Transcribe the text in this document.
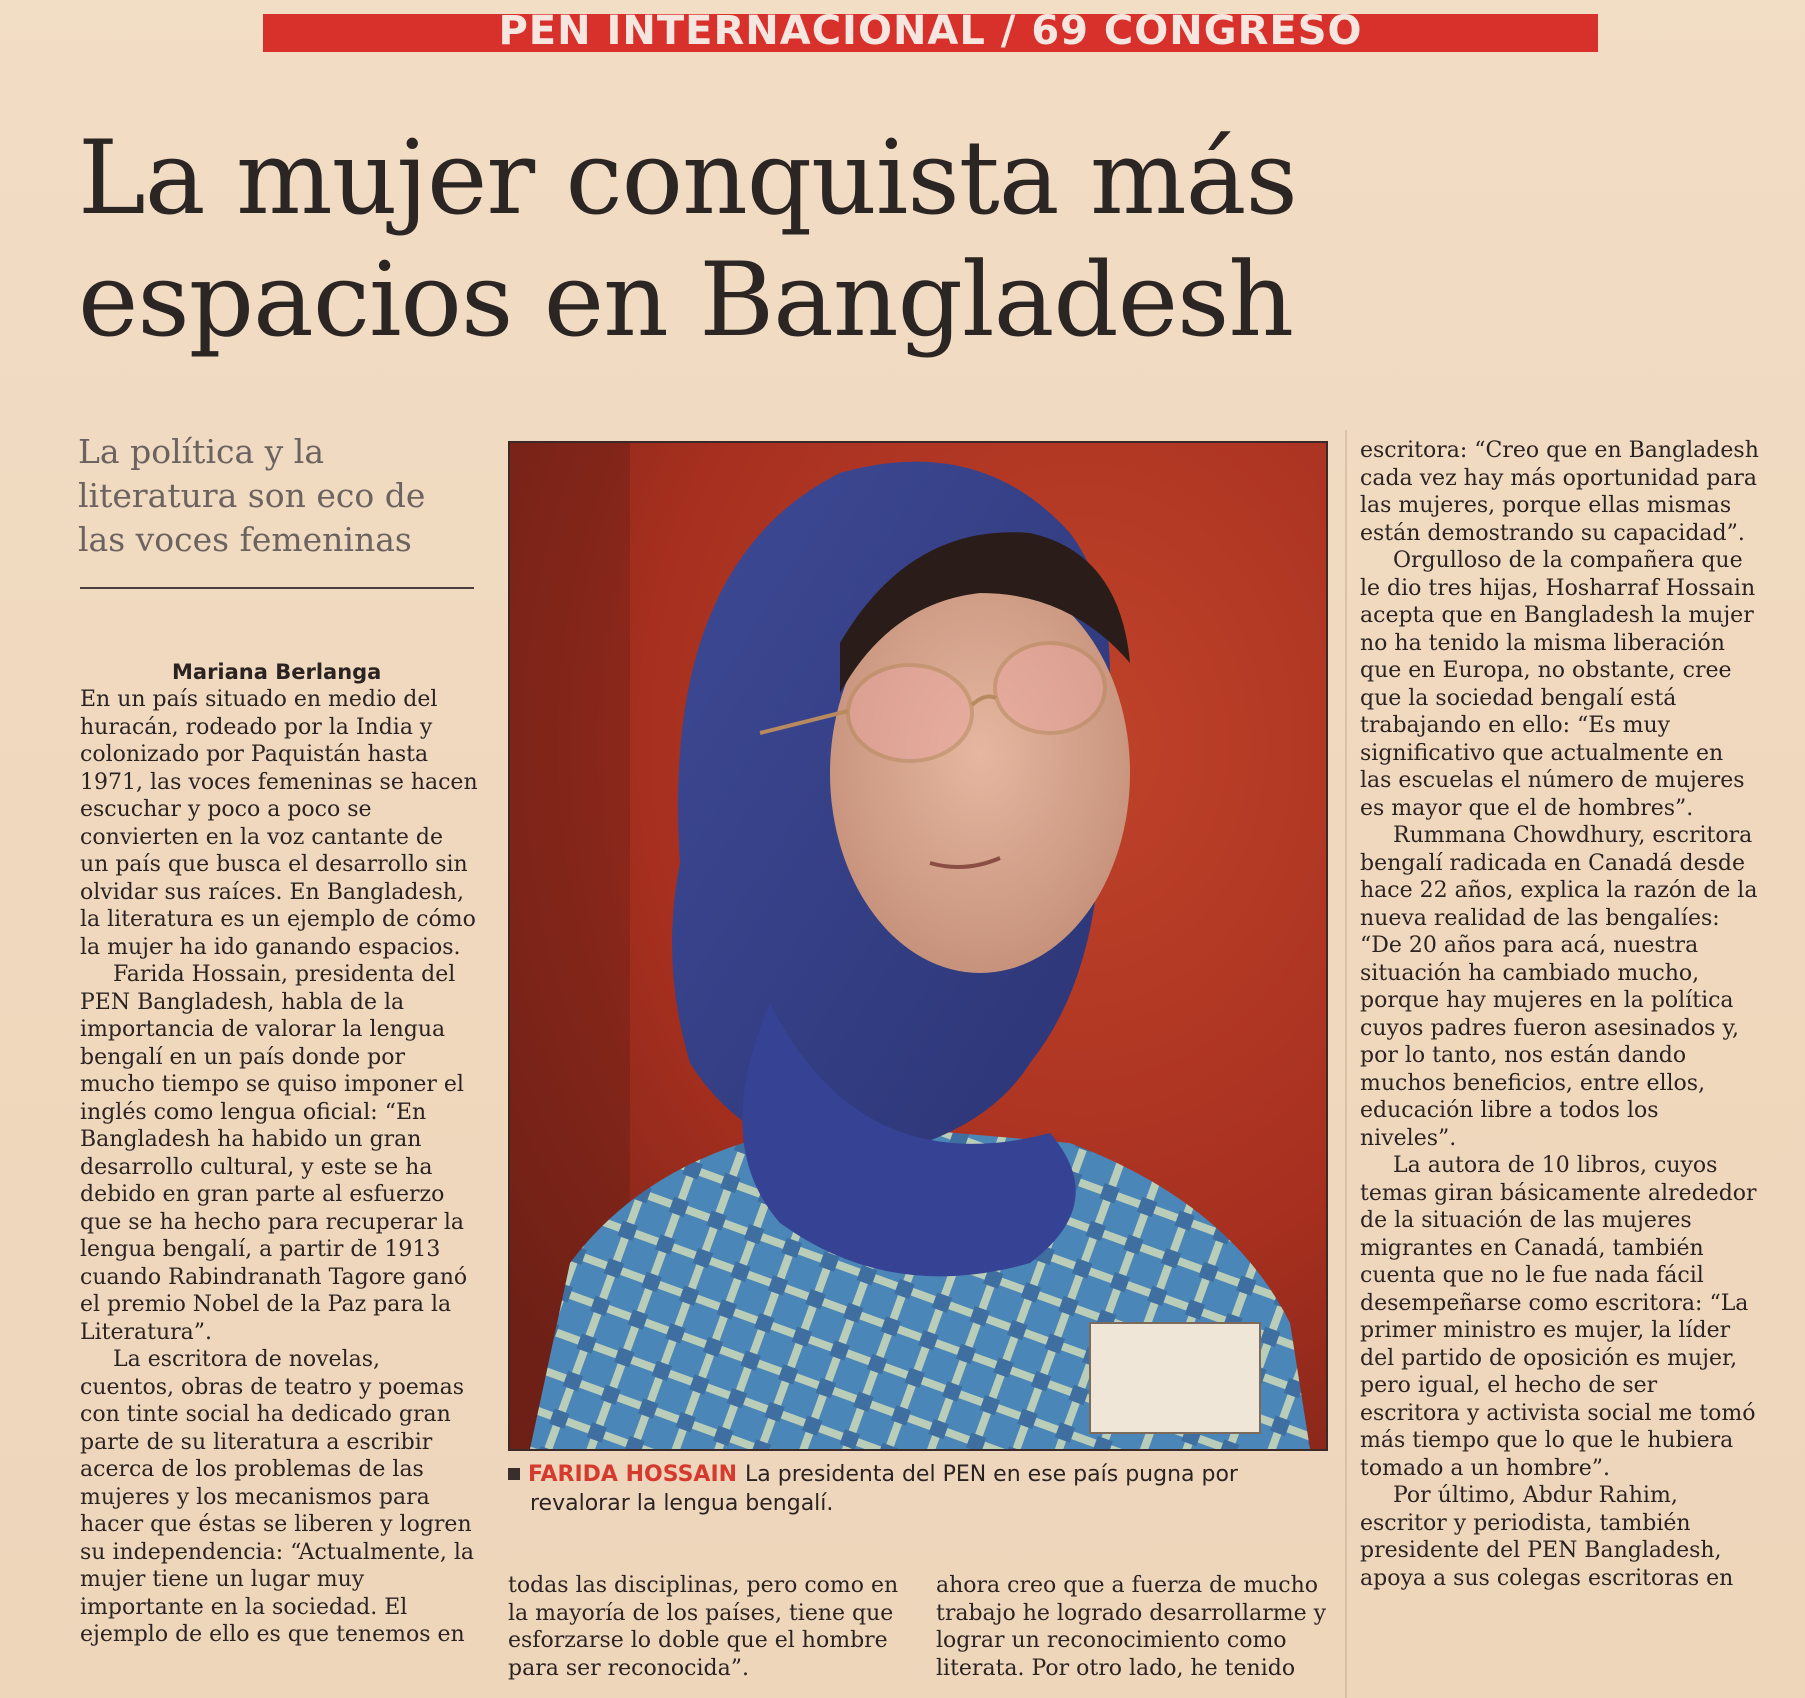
PEN INTERNACIONAL / 69 CONGRESO
La mujer conquista más
espacios en Bangladesh
La política y la
literatura son eco de
las voces femeninas
Mariana Berlanga

En un país situado en medio del huracán, rodeado por la India y colonizado por Paquistán hasta 1971, las voces femeninas se hacen escuchar y poco a poco se convierten en la voz cantante de un país que busca el desarrollo sin olvidar sus raíces. En Bangladesh, la literatura es un ejemplo de cómo la mujer ha ido ganando espacios.

Farida Hossain, presidenta del PEN Bangladesh, habla de la importancia de valorar la lengua bengalí en un país donde por mucho tiempo se quiso imponer el inglés como lengua oficial: “En Bangladesh ha habido un gran desarrollo cultural, y este se ha debido en gran parte al esfuerzo que se ha hecho para recuperar la lengua bengalí, a partir de 1913 cuando Rabindranath Tagore ganó el premio Nobel de la Paz para la Literatura”.

La escritora de novelas, cuentos, obras de teatro y poemas con tinte social ha dedicado gran parte de su literatura a escribir acerca de los problemas de las mujeres y los mecanismos para hacer que éstas se liberen y logren su independencia: “Actualmente, la mujer tiene un lugar muy importante en la sociedad. El ejemplo de ello es que tenemos en

FARIDA HOSSAIN La presidenta del PEN en ese país pugna por
revalorar la lengua bengalí.

todas las disciplinas, pero como en la mayoría de los países, tiene que esforzarse lo doble que el hombre para ser reconocida”.

ahora creo que a fuerza de mucho trabajo he logrado desarrollarme y lograr un reconocimiento como literata. Por otro lado, he tenido

escritora: “Creo que en Bangladesh cada vez hay más oportunidad para las mujeres, porque ellas mismas están demostrando su capacidad”.

Orgulloso de la compañera que le dio tres hijas, Hosharraf Hossain acepta que en Bangladesh la mujer no ha tenido la misma liberación que en Europa, no obstante, cree que la sociedad bengalí está trabajando en ello: “Es muy significativo que actualmente en las escuelas el número de mujeres es mayor que el de hombres”.

Rummana Chowdhury, escritora bengalí radicada en Canadá desde hace 22 años, explica la razón de la nueva realidad de las bengalíes: “De 20 años para acá, nuestra situación ha cambiado mucho, porque hay mujeres en la política cuyos padres fueron asesinados y, por lo tanto, nos están dando muchos beneficios, entre ellos, educación libre a todos los niveles”.

La autora de 10 libros, cuyos temas giran básicamente alrededor de la situación de las mujeres migrantes en Canadá, también cuenta que no le fue nada fácil desempeñarse como escritora: “La primer ministro es mujer, la líder del partido de oposición es mujer, pero igual, el hecho de ser escritora y activista social me tomó más tiempo que lo que le hubiera tomado a un hombre”.

Por último, Abdur Rahim, escritor y periodista, también presidente del PEN Bangladesh, apoya a sus colegas escritoras en
